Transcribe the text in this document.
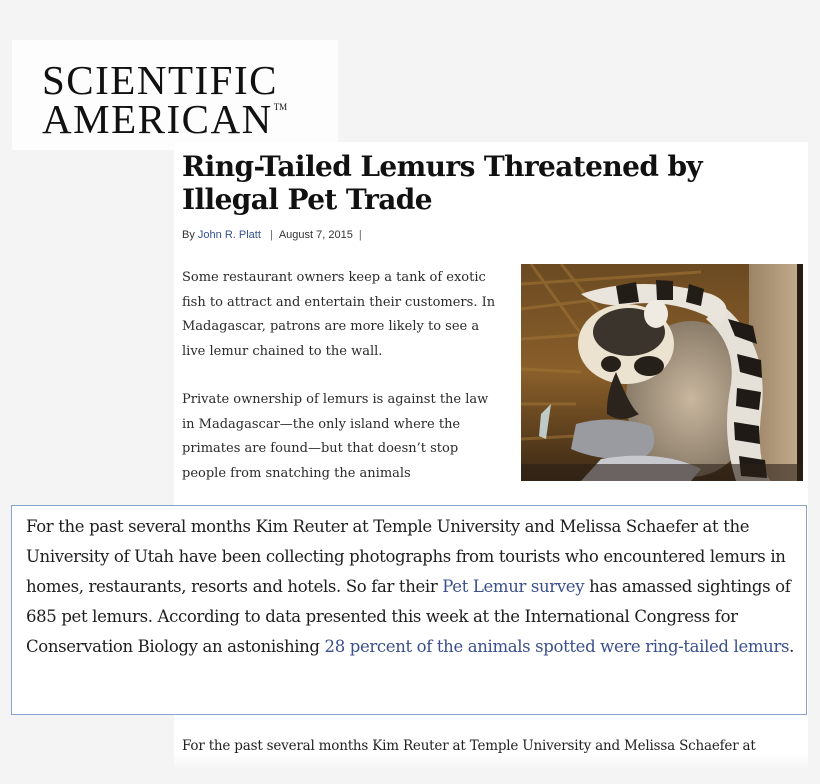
SCIENTIFIC
AMERICAN™
Ring-Tailed Lemurs Threatened by Illegal Pet Trade
By John R. Platt | August 7, 2015 |

Some restaurant owners keep a tank of exotic fish to attract and entertain their customers. In Madagascar, patrons are more likely to see a live lemur chained to the wall.

Private ownership of lemurs is against the law in Madagascar—the only island where the primates are found—but that doesn’t stop people from snatching the animals

For the past several months Kim Reuter at Temple University and Melissa Schaefer at
For the past several months Kim Reuter at Temple University and Melissa Schaefer at the University of Utah have been collecting photographs from tourists who encountered lemurs in homes, restaurants, resorts and hotels. So far their Pet Lemur survey has amassed sightings of 685 pet lemurs. According to data presented this week at the International Congress for Conservation Biology an astonishing 28 percent of the animals spotted were ring-tailed lemurs.
